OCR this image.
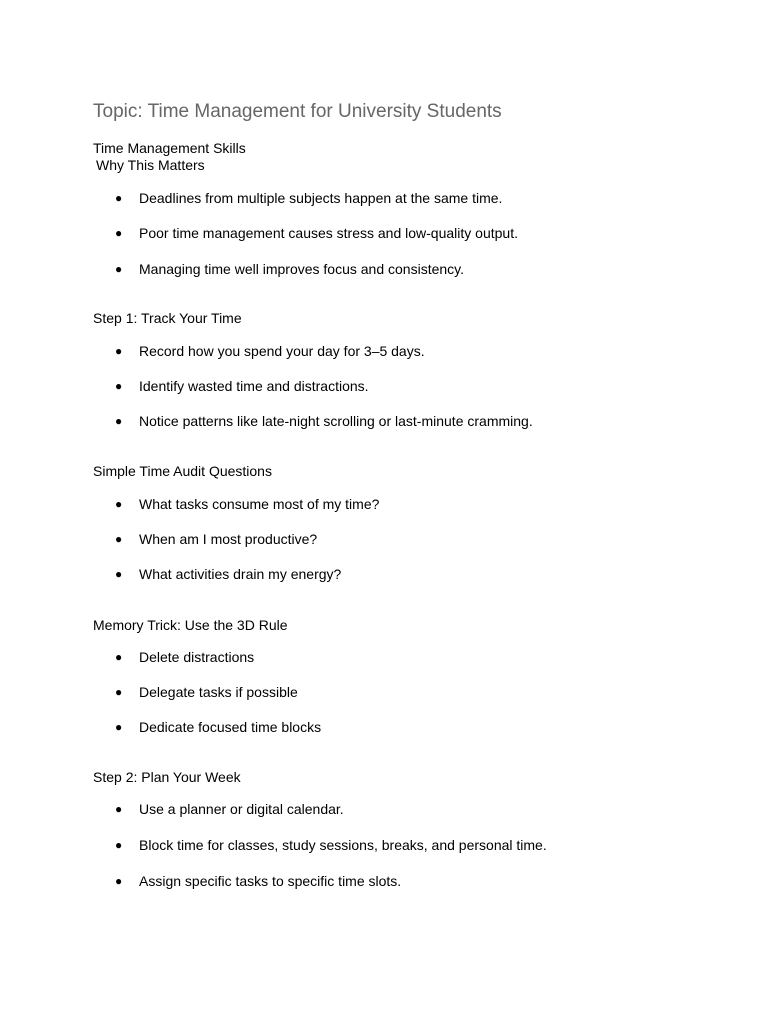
Topic: Time Management for University Students
Time Management Skills
Why This Matters
● Deadlines from multiple subjects happen at the same time.
● Poor time management causes stress and low-quality output.
● Managing time well improves focus and consistency.
Step 1: Track Your Time
● Record how you spend your day for 3–5 days.
● Identify wasted time and distractions.
● Notice patterns like late-night scrolling or last-minute cramming.
Simple Time Audit Questions
● What tasks consume most of my time?
● When am I most productive?
● What activities drain my energy?
Memory Trick: Use the 3D Rule
● Delete distractions
● Delegate tasks if possible
● Dedicate focused time blocks
Step 2: Plan Your Week
● Use a planner or digital calendar.
● Block time for classes, study sessions, breaks, and personal time.
● Assign specific tasks to specific time slots.
